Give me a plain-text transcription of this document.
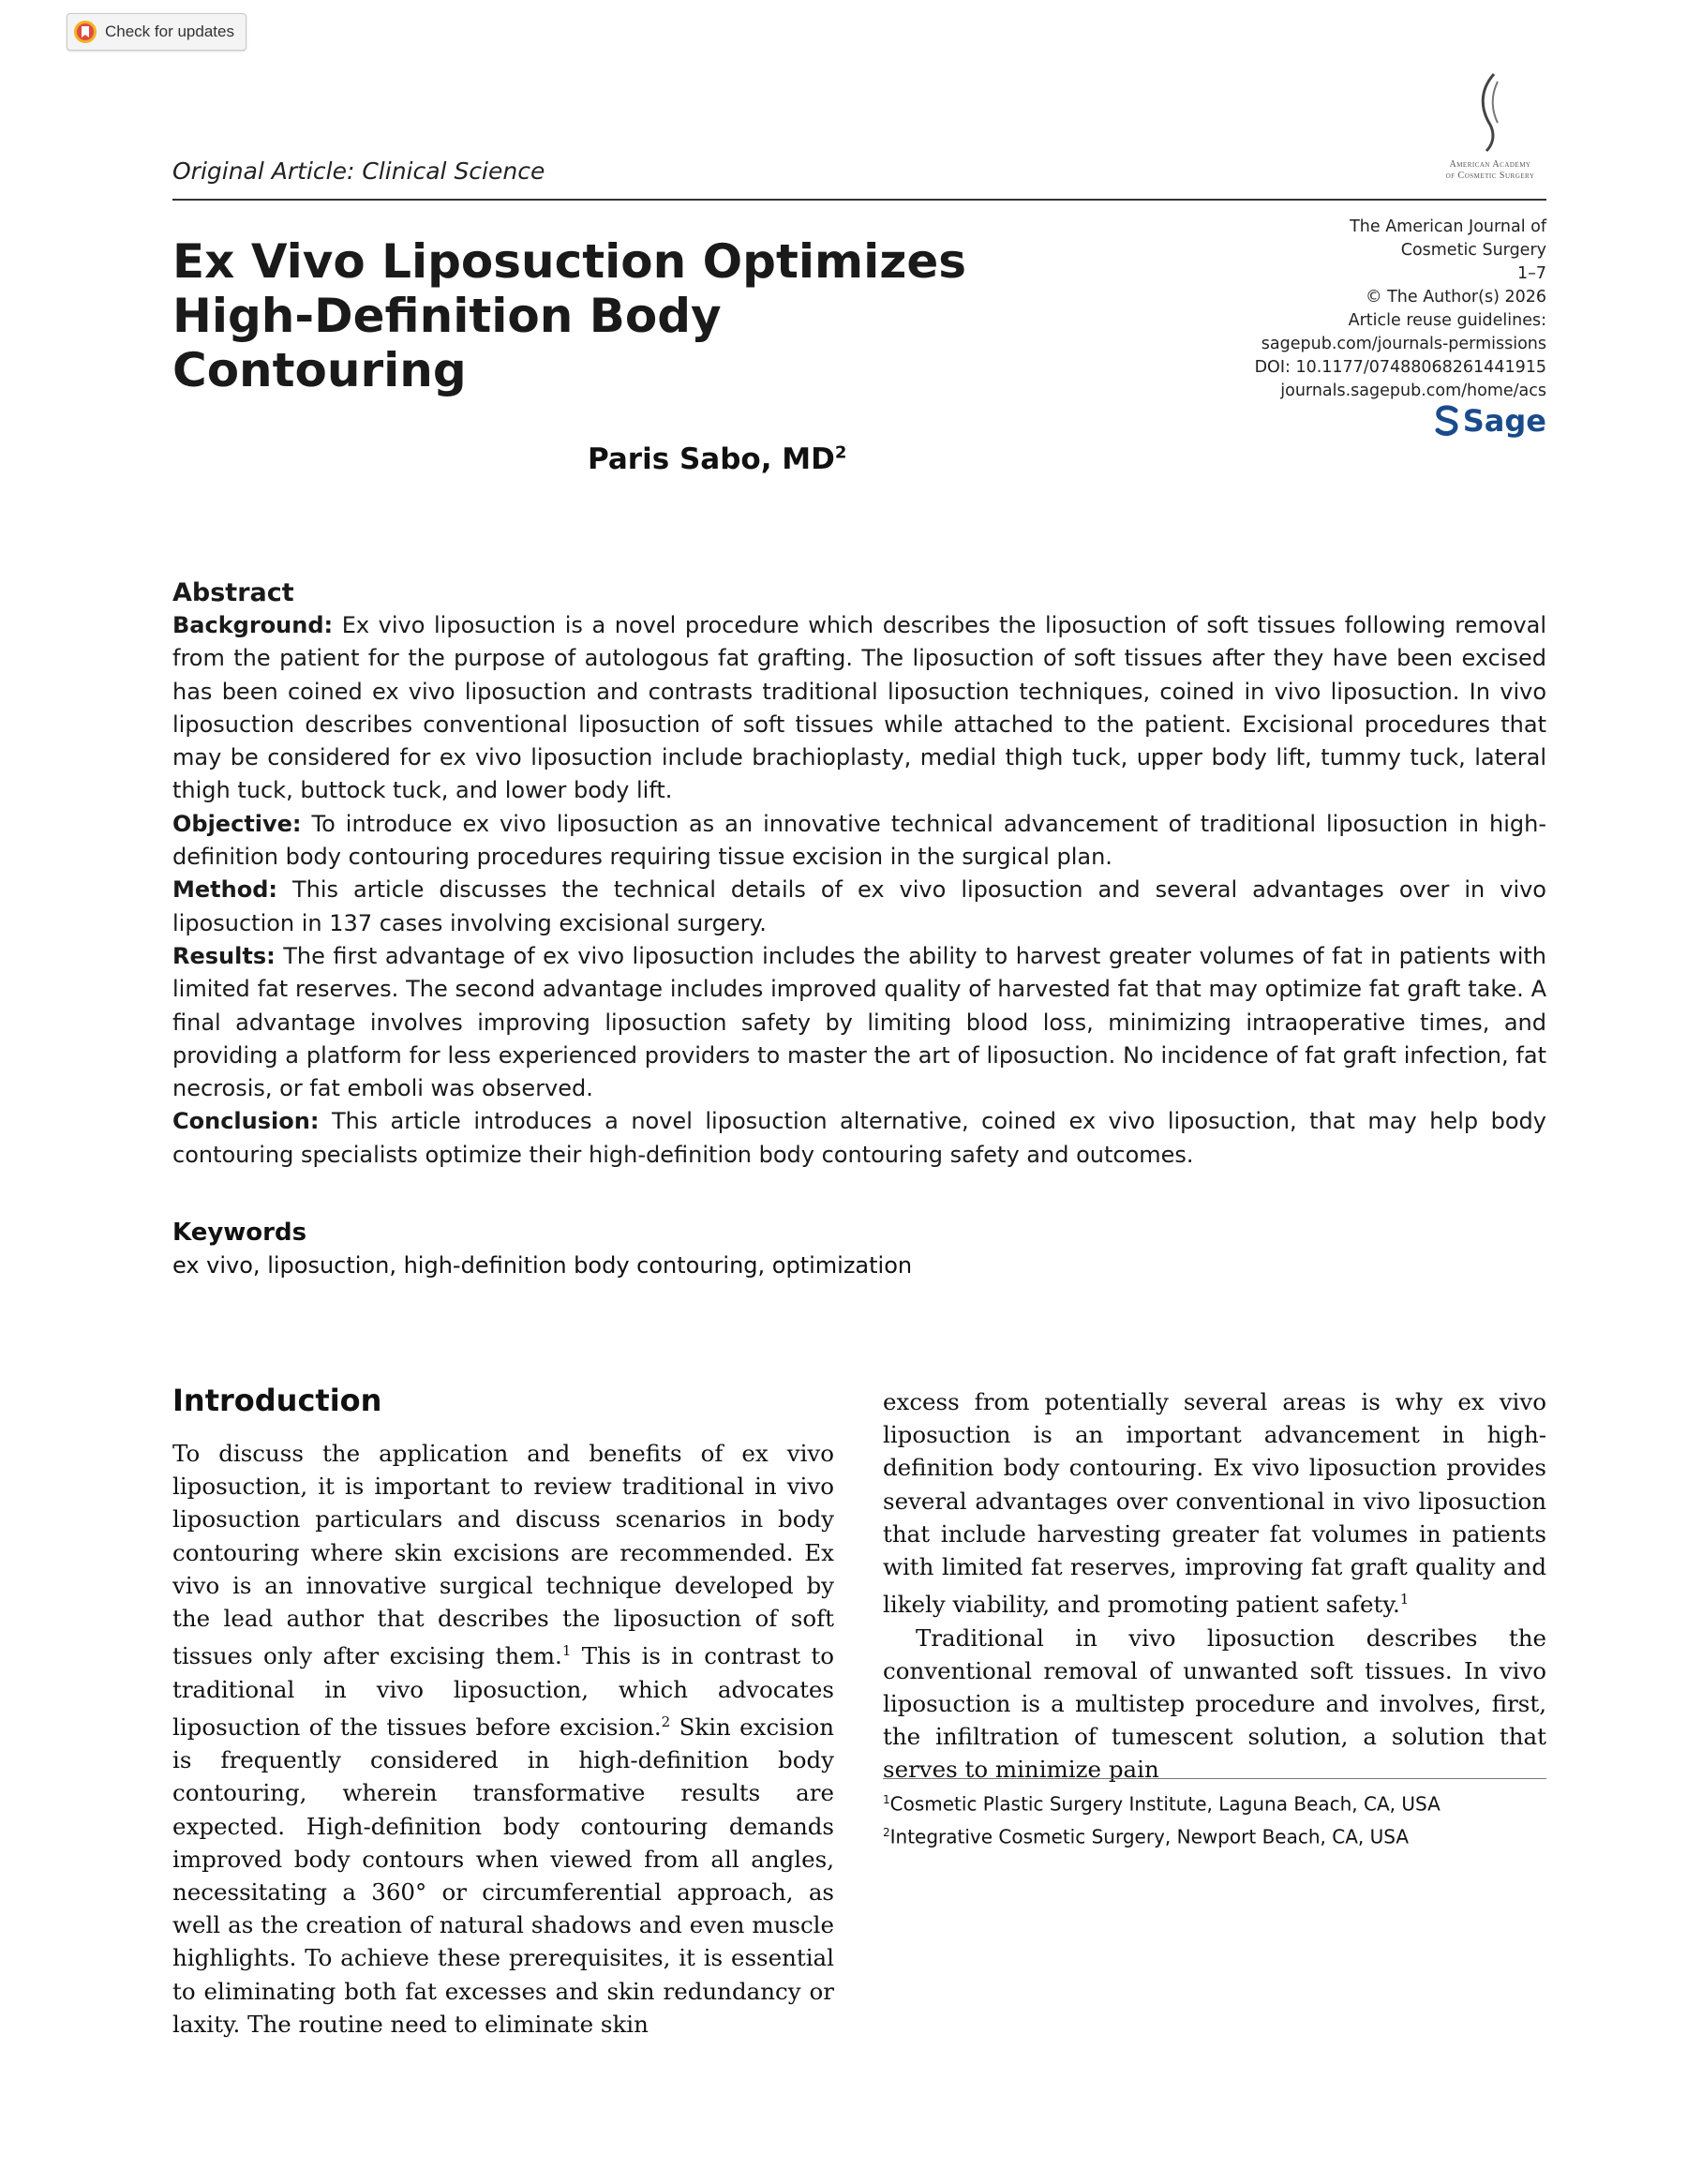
Check for updates
Original Article: Clinical Science	American Academy
of Cosmetic Surgery
Ex Vivo Liposuction Optimizes
High-Definition Body Contouring
The American Journal of
Cosmetic Surgery
1–7
© The Author(s) 2026
Article reuse guidelines:
sagepub.com/journals-permissions
DOI: 10.1177/07488068261441915
journals.sagepub.com/home/acs
Sage
Paris Sabo, $MD^2$
Abstract

Background: Ex vivo liposuction is a novel procedure which describes the liposuction of soft tissues following removal from the patient for the purpose of autologous fat grafting. The liposuction of soft tissues after they have been excised has been coined ex vivo liposuction and contrasts traditional liposuction techniques, coined in vivo liposuction. In vivo liposuction describes conventional liposuction of soft tissues while attached to the patient. Excisional procedures that may be considered for ex vivo liposuction include brachioplasty, medial thigh tuck, upper body lift, tummy tuck, lateral thigh tuck, buttock tuck, and lower body lift.

Objective: To introduce ex vivo liposuction as an innovative technical advancement of traditional liposuction in high-definition body contouring procedures requiring tissue excision in the surgical plan.

Method: This article discusses the technical details of ex vivo liposuction and several advantages over in vivo liposuction in 137 cases involving excisional surgery.

Results: The first advantage of ex vivo liposuction includes the ability to harvest greater volumes of fat in patients with limited fat reserves. The second advantage includes improved quality of harvested fat that may optimize fat graft take. A final advantage involves improving liposuction safety by limiting blood loss, minimizing intraoperative times, and providing a platform for less experienced providers to master the art of liposuction. No incidence of fat graft infection, fat necrosis, or fat emboli was observed.

Conclusion: This article introduces a novel liposuction alternative, coined ex vivo liposuction, that may help body contouring specialists optimize their high-definition body contouring safety and outcomes.

Keywords
ex vivo, liposuction, high-definition body contouring, optimization
Introduction

To discuss the application and benefits of ex vivo liposuction, it is important to review traditional in vivo liposuction particulars and discuss scenarios in body contouring where skin excisions are recommended. Ex vivo is an innovative surgical technique developed by the lead author that describes the liposuction of soft tissues only after excising them.$^1$ This is in contrast to traditional in vivo liposuction, which advocates liposuction of the tissues before excision.$^2$ Skin excision is frequently considered in high-definition body contouring, wherein transformative results are expected. High-definition body contouring demands improved body contours when viewed from all angles, necessitating a 360° or circumferential approach, as well as the creation of natural shadows and even muscle highlights. To achieve these prerequisites, it is essential to eliminating both fat excesses and skin redundancy or laxity. The routine need to eliminate skin

excess from potentially several areas is why ex vivo liposuction is an important advancement in high-definition body contouring. Ex vivo liposuction provides several advantages over conventional in vivo liposuction that include harvesting greater fat volumes in patients with limited fat reserves, improving fat graft quality and likely viability, and promoting patient safety.$^1$

Traditional in vivo liposuction describes the conventional removal of unwanted soft tissues. In vivo liposuction is a multistep procedure and involves, first, the infiltration of tumescent solution, a solution that serves to minimize pain

$^1$Cosmetic Plastic Surgery Institute, Laguna Beach, CA, USA
$^2$Integrative Cosmetic Surgery, Newport Beach, CA, USA
